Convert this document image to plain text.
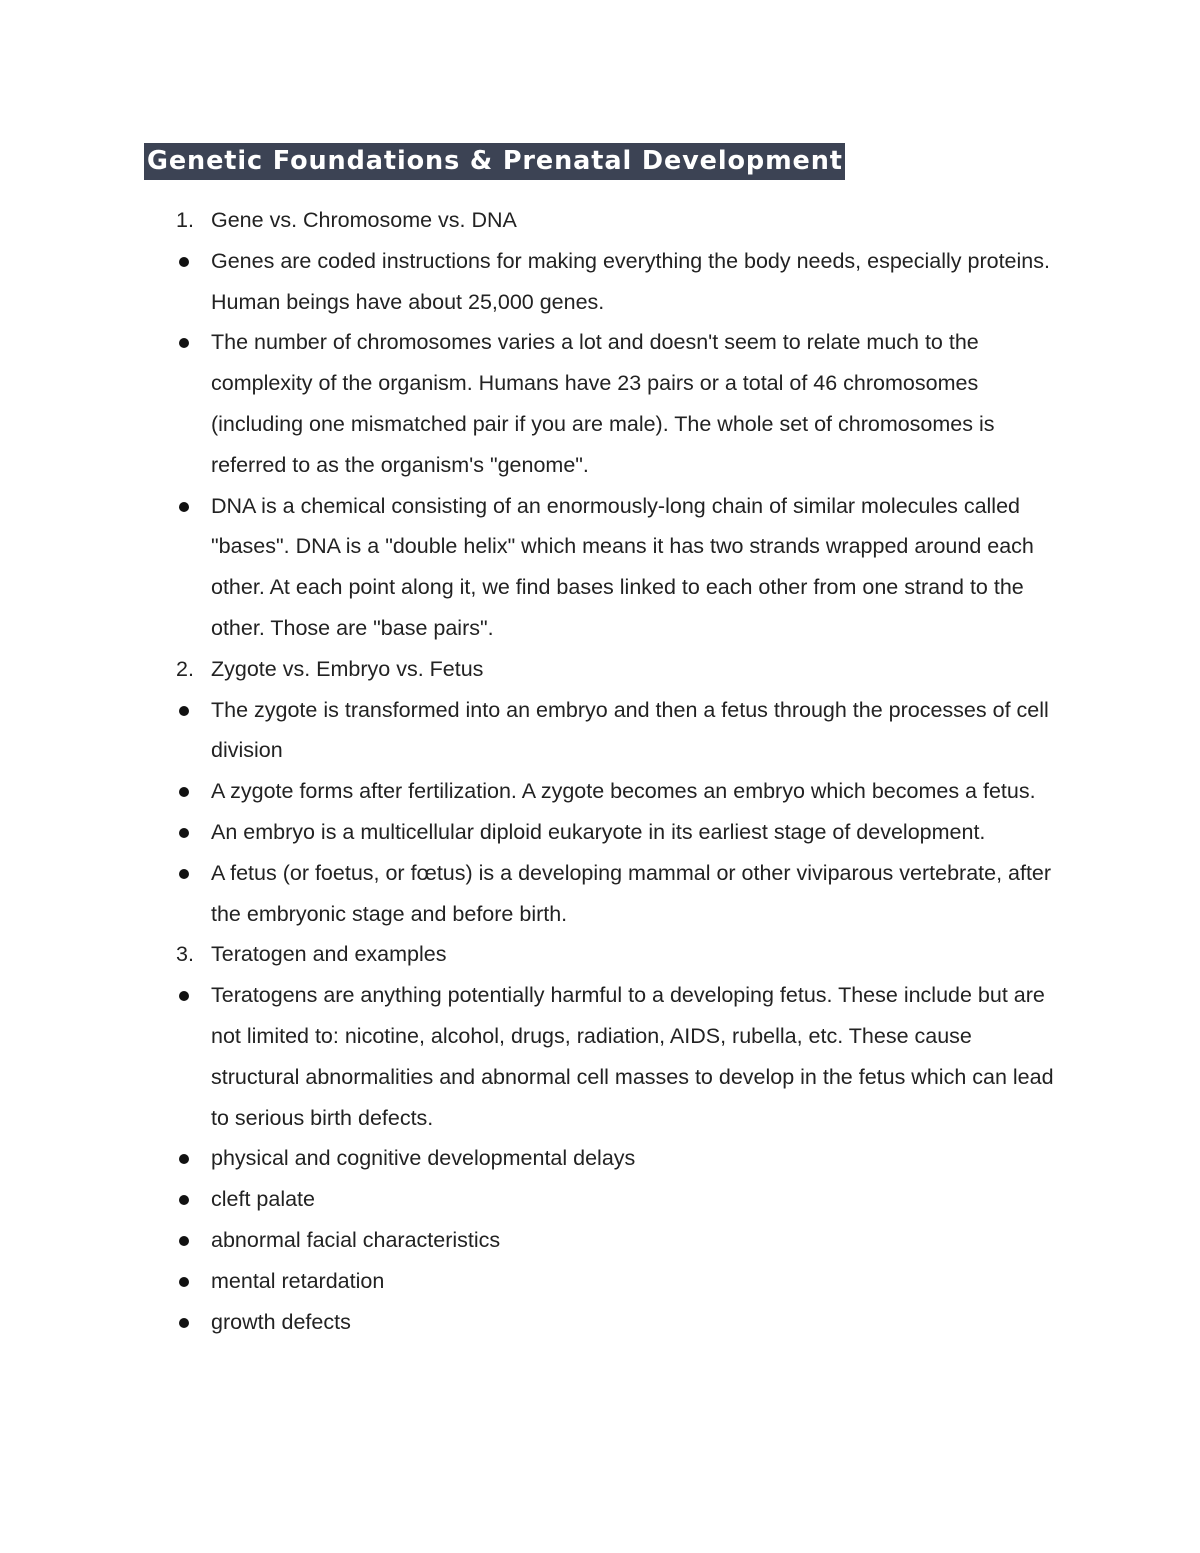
Genetic Foundations & Prenatal Development
1. Gene vs. Chromosome vs. DNA
Genes are coded instructions for making everything the body needs, especially proteins. Human beings have about 25,000 genes.
The number of chromosomes varies a lot and doesn't seem to relate much to the complexity of the organism. Humans have 23 pairs or a total of 46 chromosomes (including one mismatched pair if you are male). The whole set of chromosomes is referred to as the organism's "genome".
DNA is a chemical consisting of an enormously-long chain of similar molecules called "bases". DNA is a "double helix" which means it has two strands wrapped around each other. At each point along it, we find bases linked to each other from one strand to the other. Those are "base pairs".
2. Zygote vs. Embryo vs. Fetus
The zygote is transformed into an embryo and then a fetus through the processes of cell division
A zygote forms after fertilization. A zygote becomes an embryo which becomes a fetus.
An embryo is a multicellular diploid eukaryote in its earliest stage of development.
A fetus (or foetus, or fœtus) is a developing mammal or other viviparous vertebrate, after the embryonic stage and before birth.
3. Teratogen and examples
Teratogens are anything potentially harmful to a developing fetus. These include but are not limited to: nicotine, alcohol, drugs, radiation, AIDS, rubella, etc. These cause structural abnormalities and abnormal cell masses to develop in the fetus which can lead to serious birth defects.
physical and cognitive developmental delays
cleft palate
abnormal facial characteristics
mental retardation
growth defects
